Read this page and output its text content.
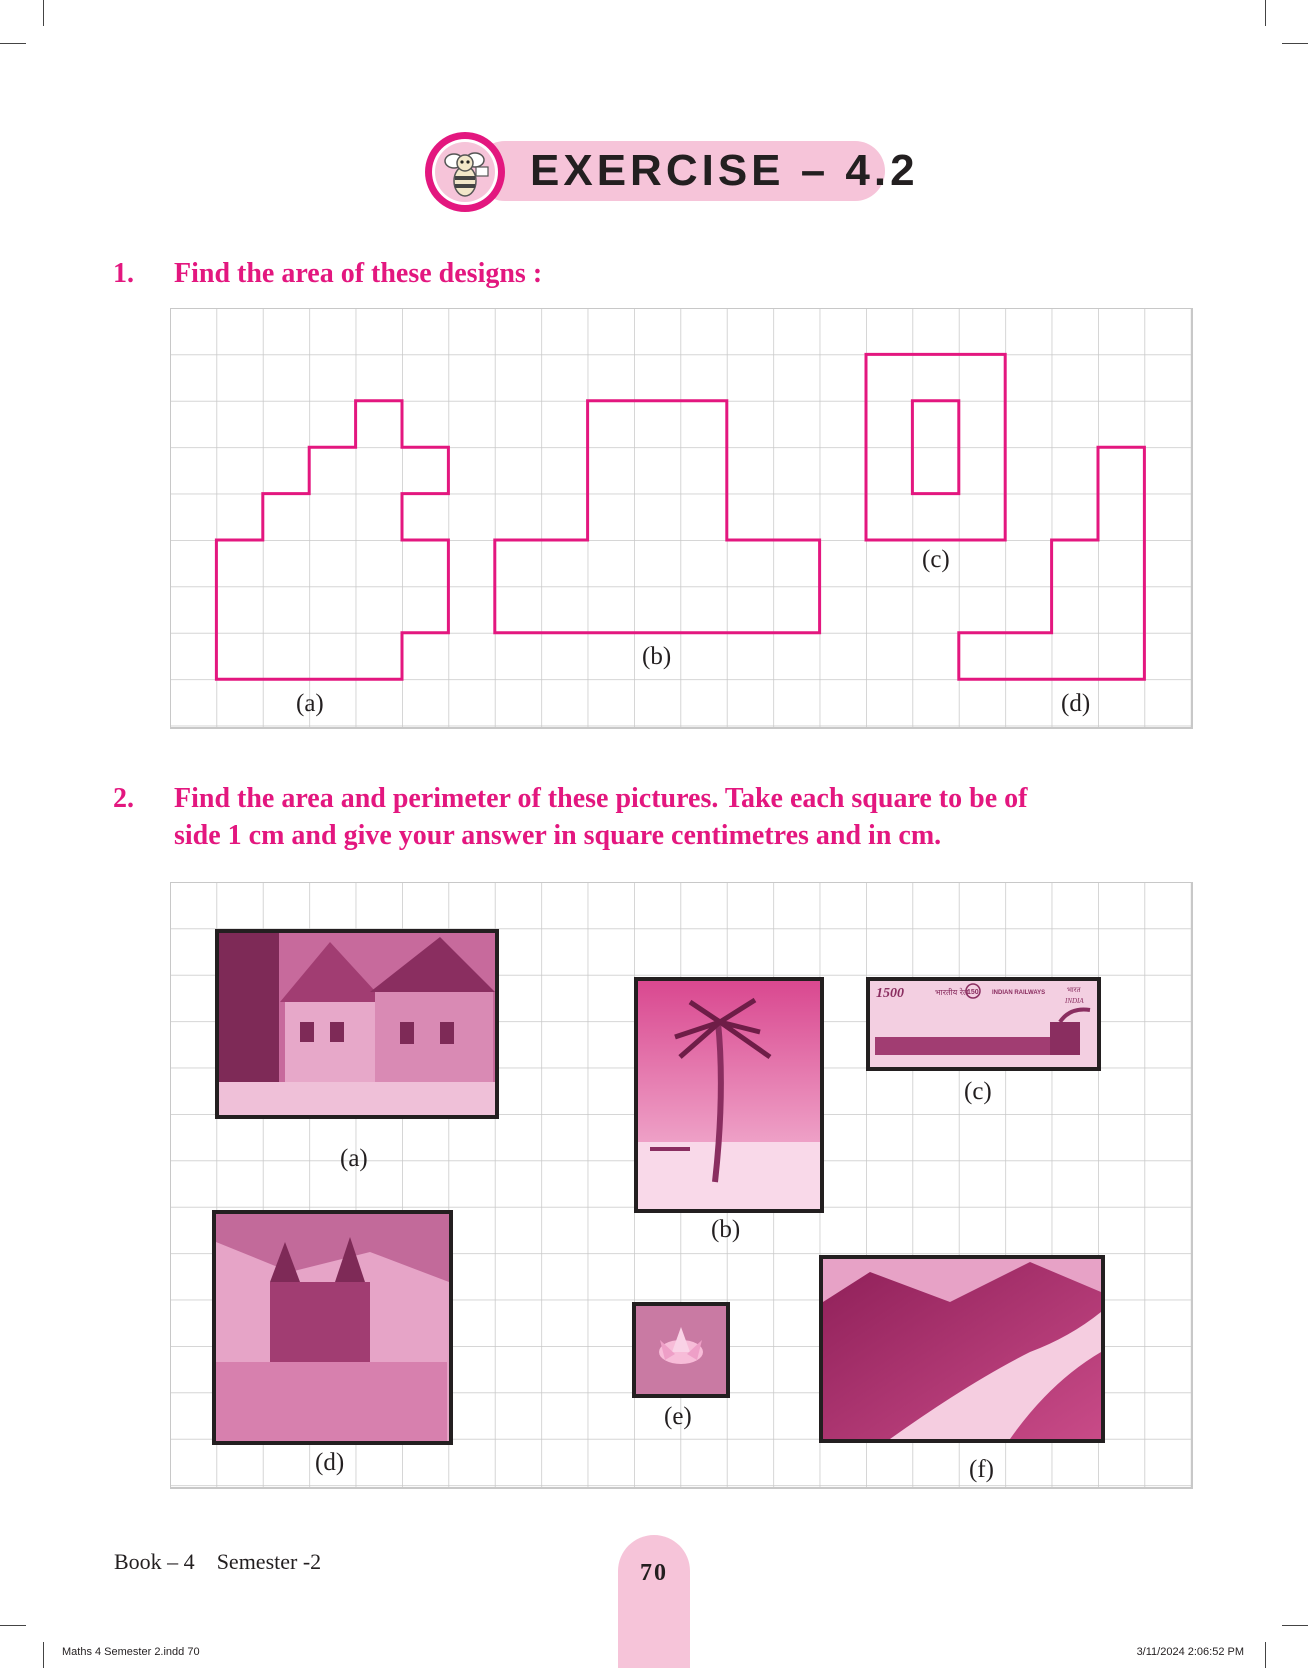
EXERCISE – 4.2
1. Find the area of these designs :
(a)
(b)
(c)
(d)
2. Find the area and perimeter of these pictures. Take each square to be of
side 1 cm and give your answer in square centimetres and in cm.
1500	भारतीय रेल
150 INDIAN RAILWAYS	भारत
INDIA
(a)
(b)
(c)
(d)
(e)
(f)
Book – 4 Semester -2	70
Maths 4 Semester 2.indd 70	3/11/2024 2:06:52 PM
